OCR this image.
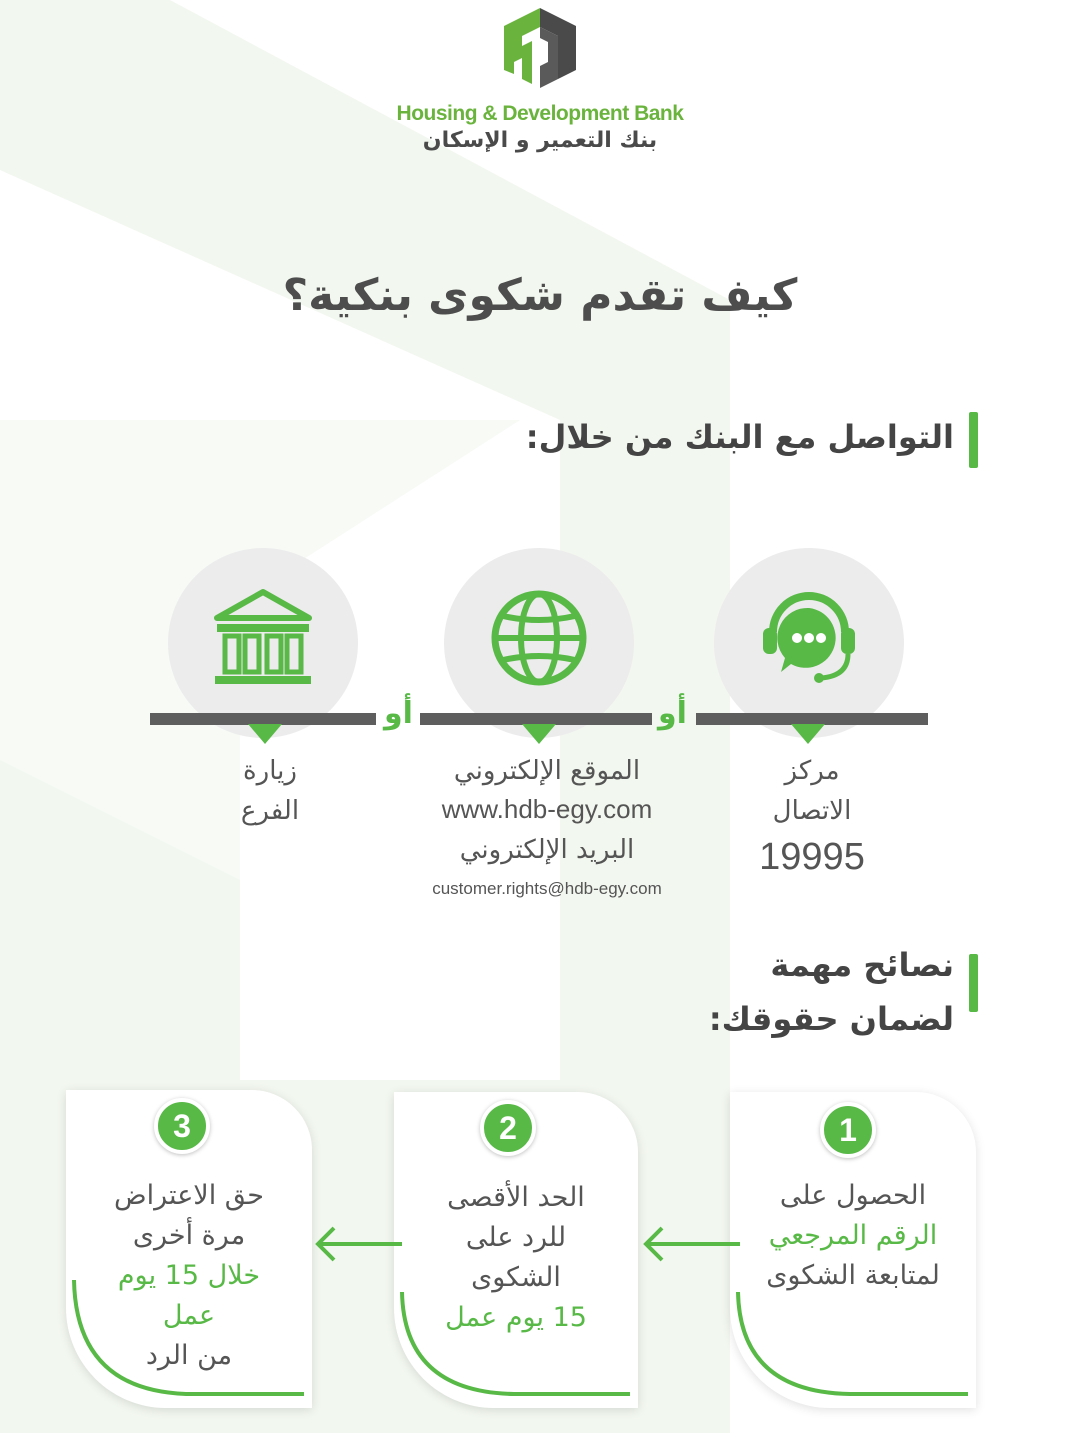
Housing & Development Bank
بنك التعمير و الإسكان
كيف تقدم شكوى بنكية؟
التواصل مع البنك من خلال:
أو
أو
مركز
الاتصال
19995
الموقع الإلكتروني
www.hdb-egy.com
البريد الإلكتروني
customer.rights@hdb-egy.com
زيارة
الفرع
نصائح مهمة
لضمان حقوقك:
1
الحصول على
الرقم المرجعي
لمتابعة الشكوى
2
الحد الأقصى
للرد على
الشكوى
15 يوم عمل
3
حق الاعتراض
مرة أخرى
خلال 15 يوم
عمل
من الرد
